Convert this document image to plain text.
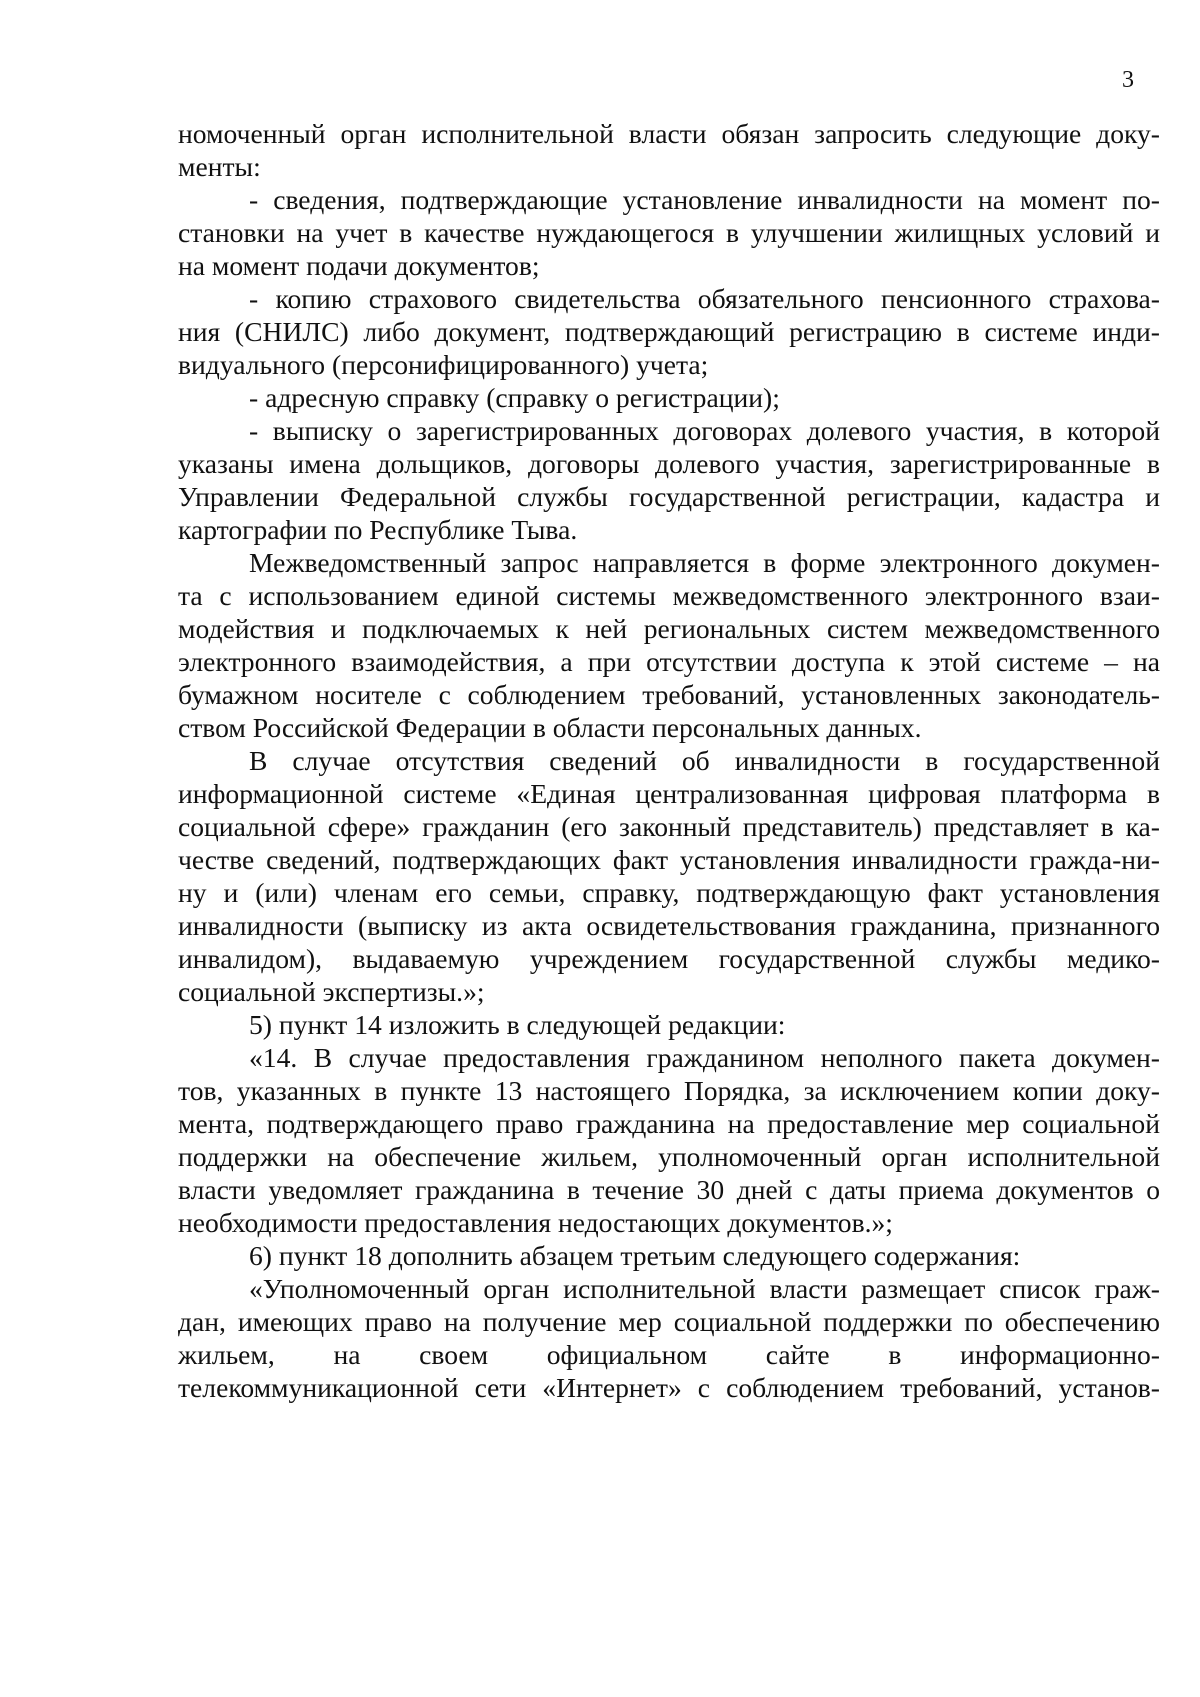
3
номоченный орган исполнительной власти обязан запросить следующие доку-
менты:
- сведения, подтверждающие установление инвалидности на момент по-
становки на учет в качестве нуждающегося в улучшении жилищных условий и
на момент подачи документов;
- копию страхового свидетельства обязательного пенсионного страхова-
ния (СНИЛС) либо документ, подтверждающий регистрацию в системе инди-
видуального (персонифицированного) учета;
- адресную справку (справку о регистрации);
- выписку о зарегистрированных договорах долевого участия, в которой
указаны имена дольщиков, договоры долевого участия, зарегистрированные в
Управлении Федеральной службы государственной регистрации, кадастра и
картографии по Республике Тыва.
Межведомственный запрос направляется в форме электронного докумен-
та с использованием единой системы межведомственного электронного взаи-
модействия и подключаемых к ней региональных систем межведомственного
электронного взаимодействия, а при отсутствии доступа к этой системе – на
бумажном носителе с соблюдением требований, установленных законодатель-
ством Российской Федерации в области персональных данных.
В случае отсутствия сведений об инвалидности в государственной
информационной системе «Единая централизованная цифровая платформа в
социальной сфере» гражданин (его законный представитель) представляет в ка-
честве сведений, подтверждающих факт установления инвалидности гражда-ни-
ну и (или) членам его семьи, справку, подтверждающую факт установления
инвалидности (выписку из акта освидетельствования гражданина, признанного
инвалидом), выдаваемую учреждением государственной службы медико-
социальной экспертизы.»;
5) пункт 14 изложить в следующей редакции:
«14. В случае предоставления гражданином неполного пакета докумен-
тов, указанных в пункте 13 настоящего Порядка, за исключением копии доку-
мента, подтверждающего право гражданина на предоставление мер социальной
поддержки на обеспечение жильем, уполномоченный орган исполнительной
власти уведомляет гражданина в течение 30 дней с даты приема документов о
необходимости предоставления недостающих документов.»;
6) пункт 18 дополнить абзацем третьим следующего содержания:
«Уполномоченный орган исполнительной власти размещает список граж-
дан, имеющих право на получение мер социальной поддержки по обеспечению
жильем, на своем официальном сайте в информационно-
телекоммуникационной сети «Интернет» с соблюдением требований, установ-
